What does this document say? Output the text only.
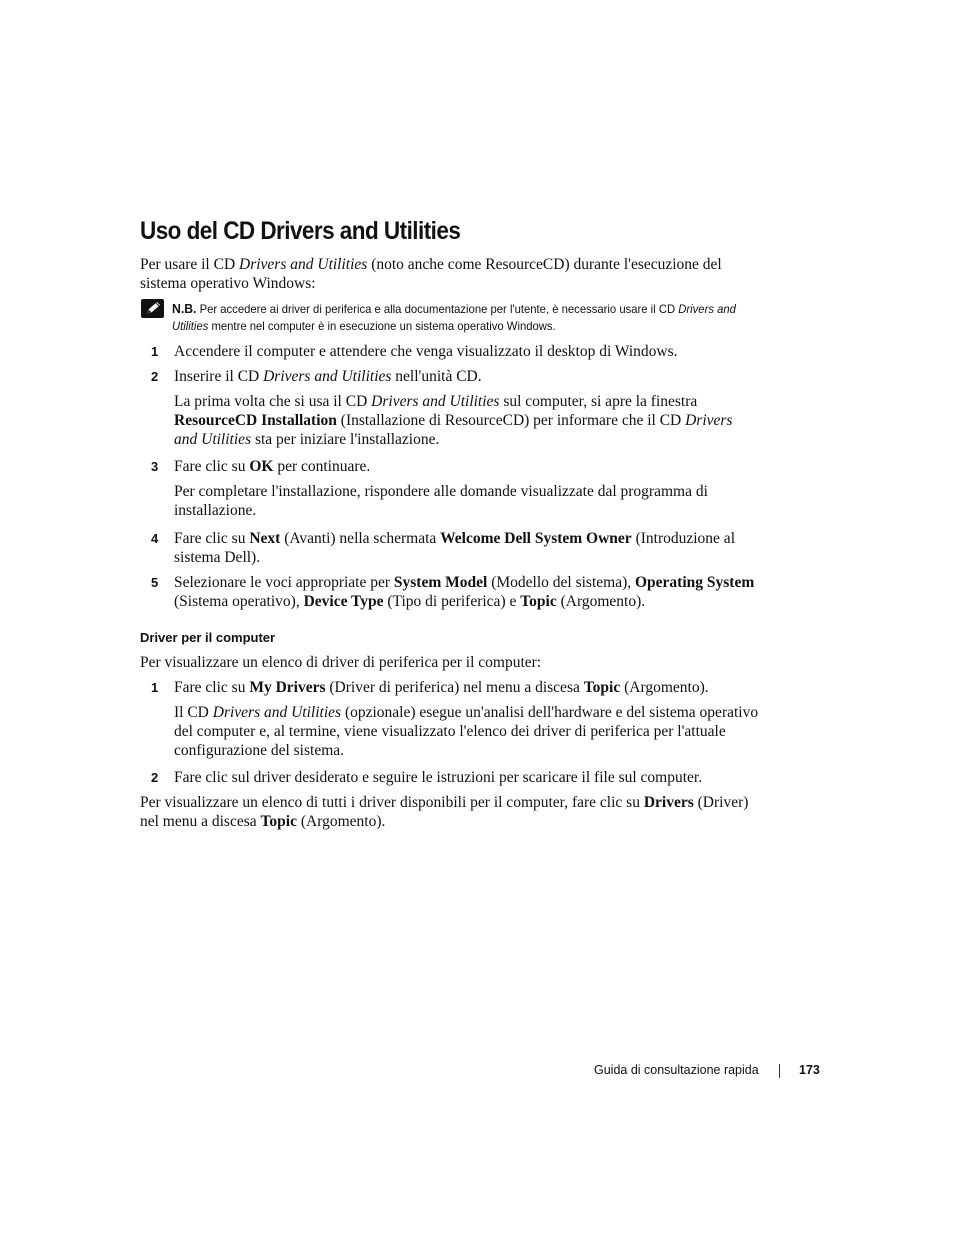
Uso del CD Drivers and Utilities

Per usare il CD Drivers and Utilities (noto anche come ResourceCD) durante l'esecuzione del sistema operativo Windows:

N.B. Per accedere ai driver di periferica e alla documentazione per l'utente, è necessario usare il CD Drivers and Utilities mentre nel computer è in esecuzione un sistema operativo Windows.

1 Accendere il computer e attendere che venga visualizzato il desktop di Windows.

2 Inserire il CD Drivers and Utilities nell'unità CD.

La prima volta che si usa il CD Drivers and Utilities sul computer, si apre la finestra ResourceCD Installation (Installazione di ResourceCD) per informare che il CD Drivers and Utilities sta per iniziare l'installazione.

3 Fare clic su OK per continuare.

Per completare l'installazione, rispondere alle domande visualizzate dal programma di installazione.

4 Fare clic su Next (Avanti) nella schermata Welcome Dell System Owner (Introduzione al sistema Dell).

5 Selezionare le voci appropriate per System Model (Modello del sistema), Operating System (Sistema operativo), Device Type (Tipo di periferica) e Topic (Argomento).

Driver per il computer

Per visualizzare un elenco di driver di periferica per il computer:

1 Fare clic su My Drivers (Driver di periferica) nel menu a discesa Topic (Argomento).

Il CD Drivers and Utilities (opzionale) esegue un'analisi dell'hardware e del sistema operativo del computer e, al termine, viene visualizzato l'elenco dei driver di periferica per l'attuale configurazione del sistema.

2 Fare clic sul driver desiderato e seguire le istruzioni per scaricare il file sul computer.

Per visualizzare un elenco di tutti i driver disponibili per il computer, fare clic su Drivers (Driver) nel menu a discesa Topic (Argomento).

Guida di consultazione rapida	173
